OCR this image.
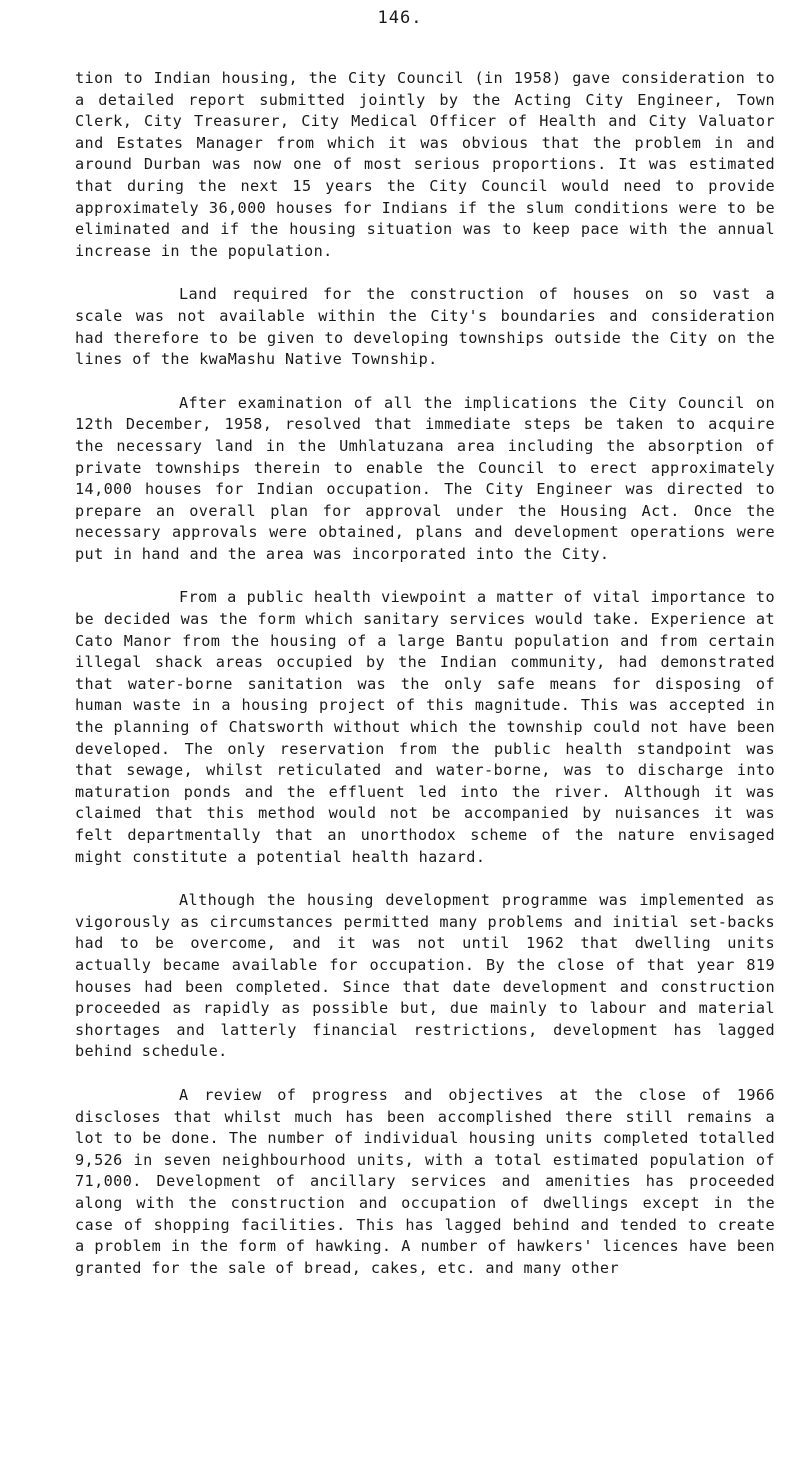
146.

tion to Indian housing, the City Council (in 1958) gave consideration to a detailed report submitted jointly by the Acting City Engineer, Town Clerk, City Treasurer, City Medical Officer of Health and City Valuator and Estates Manager from which it was obvious that the problem in and around Durban was now one of most serious proportions. It was estimated that during the next 15 years the City Council would need to provide approximately 36,000 houses for Indians if the slum conditions were to be eliminated and if the housing situation was to keep pace with the annual increase in the population.

Land required for the construction of houses on so vast a scale was not available within the City's boundaries and consideration had therefore to be given to developing townships outside the City on the lines of the kwaMashu Native Township.

After examination of all the implications the City Council on 12th December, 1958, resolved that immediate steps be taken to acquire the necessary land in the Umhlatuzana area including the absorption of private townships therein to enable the Council to erect approximately 14,000 houses for Indian occupation. The City Engineer was directed to prepare an overall plan for approval under the Housing Act. Once the necessary approvals were obtained, plans and development operations were put in hand and the area was incorporated into the City.

From a public health viewpoint a matter of vital importance to be decided was the form which sanitary services would take. Experience at Cato Manor from the housing of a large Bantu population and from certain illegal shack areas occupied by the Indian community, had demonstrated that water-borne sanitation was the only safe means for disposing of human waste in a housing project of this magnitude. This was accepted in the planning of Chatsworth without which the township could not have been developed. The only reservation from the public health standpoint was that sewage, whilst reticulated and water-borne, was to discharge into maturation ponds and the effluent led into the river. Although it was claimed that this method would not be accompanied by nuisances it was felt departmentally that an unorthodox scheme of the nature envisaged might constitute a potential health hazard.

Although the housing development programme was implemented as vigorously as circumstances permitted many problems and initial set-backs had to be overcome, and it was not until 1962 that dwelling units actually became available for occupation. By the close of that year 819 houses had been completed. Since that date development and construction proceeded as rapidly as possible but, due mainly to labour and material shortages and latterly financial restrictions, development has lagged behind schedule.

A review of progress and objectives at the close of 1966 discloses that whilst much has been accomplished there still remains a lot to be done. The number of individual housing units completed totalled 9,526 in seven neighbourhood units, with a total estimated population of 71,000. Development of ancillary services and amenities has proceeded along with the construction and occupation of dwellings except in the case of shopping facilities. This has lagged behind and tended to create a problem in the form of hawking. A number of hawkers' licences have been granted for the sale of bread, cakes, etc. and many other
